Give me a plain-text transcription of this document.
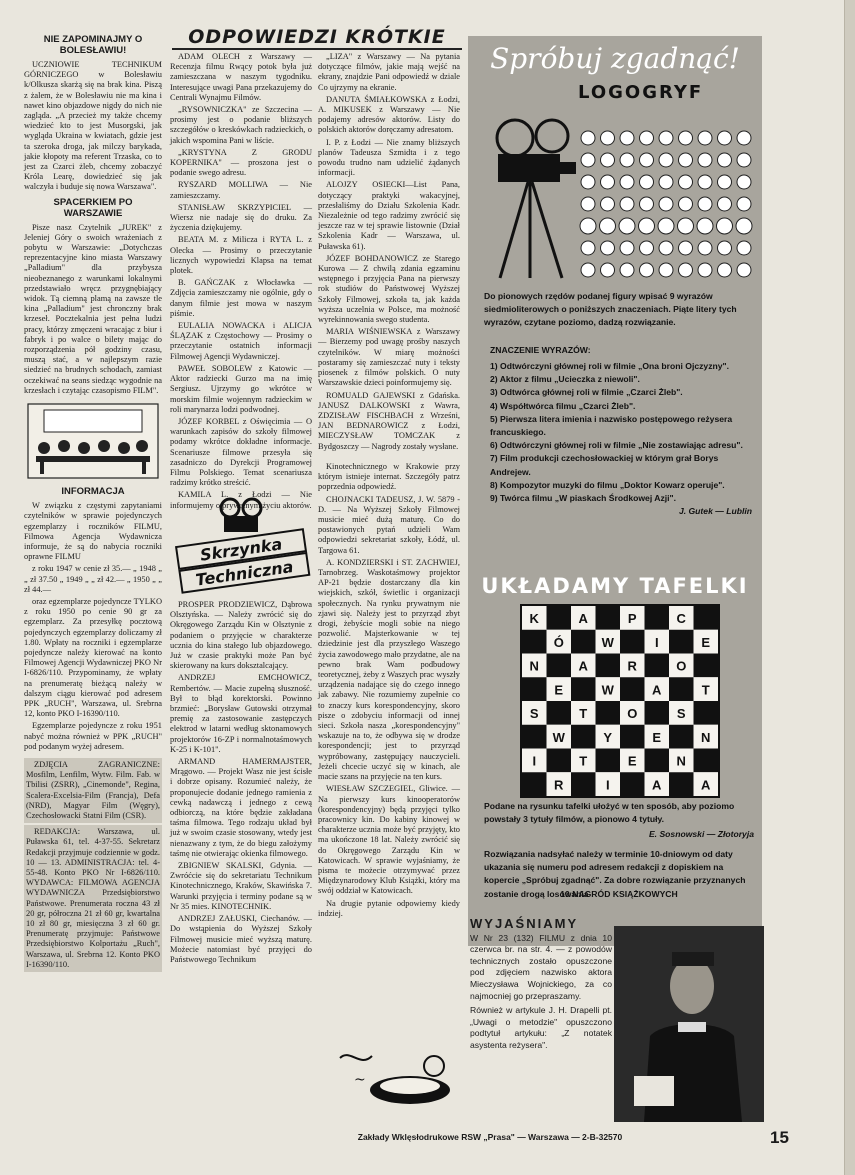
ODPOWIEDZI KRÓTKIE
NIE ZAPOMINAJMY O BOLESŁAWIU!

UCZNIOWIE TECHNIKUM GÓRNICZEGO w Bolesławiu k/Olkusza skarżą się na brak kina. Piszą z żalem, że w Bolesławiu nie ma kina i nawet kino objazdowe nigdy do nich nie zagląda. „A przecież my także chcemy wiedzieć kto to jest Musorgski, jak wygląda Ukraina w kwiatach, gdzie jest ta szeroka droga, jak milczy barykada, jakie kłopoty ma referent Trzaska, co to jest za Czarci żleb, chcemy zobaczyć Króla Learę, dowiedzieć się jak walczyła i buduje się nowa Warszawa".

SPACERKIEM PO WARSZAWIE

Pisze nasz Czytelnik „JUREK" z Jeleniej Góry o swoich wrażeniach z pobytu w Warszawie: „Dotychczas reprezentacyjne kino miasta Warszawy „Palladium" dla przybysza nieobeznanego z warunkami lokalnymi przedstawiało wręcz przygnębiający widok. Tą ciemną plamą na zawsze tle kina „Palladium" jest chronczny brak krzeseł. Pocztekalnia jest pełna ludzi pracy, którzy zmęczeni wracając z biur i fabryk i po walce o bilety mając do rozporządzenia pół godziny czasu, muszą stać, a w najlepszym razie siedzieć na brudnych schodach, zamiast oczekiwać na seans siedząc wygodnie na krzesłach i czytając czasopismo FILM".

INFORMACJA

W związku z częstymi zapytaniami czytelników w sprawie pojedynczych egzemplarzy i roczników FILMU, Filmowa Agencja Wydawnicza informuje, że są do nabycia roczniki oprawne FILMU

z roku 1947 w cenie zł 35.— „ 1948 „ „ zł 37.50 „ 1949 „ „ zł 42.— „ 1950 „ „ zł 44.—

oraz egzemplarze pojedyncze TYLKO z roku 1950 po cenie 90 gr za egzemplarz. Za przesyłkę pocztową pojedynczych egzemplarzy doliczamy zł 1.80. Wpłaty na roczniki i egzemplarze pojedyncze należy kierować na konto Filmowej Agencji Wydawniczej PKO Nr I-6826/110. Przypominamy, że wpłaty na prenumeratę bieżącą należy w dalszym ciągu kierować pod adresem PPK „RUCH", Warszawa, ul. Srebrna 12, konto PKO I-16390/110.

Egzemplarze pojedyncze z roku 1951 nabyć można również w PPK „RUCH" pod podanym wyżej adresem.

ZDJĘCIA ZAGRANICZNE: Mosfilm, Lenfilm, Wytw. Film. Fab. w Tbilisi (ZSRR), „Cinemonde", Regina, Scalera-Excelsia-Film (Francja), Defa (NRD), Magyar Film (Węgry), Czechosłowacki Statni Film (CSR).

REDAKCJA: Warszawa, ul. Puławska 61, tel. 4-37-55. Sekretarz Redakcji przyjmuje codziennie w godz. 10 — 13. ADMINISTRACJA: tel. 4-55-48. Konto PKO Nr I-6826/110. WYDAWCA: FILMOWA AGENCJA WYDAWNICZA Przedsiębiorstwo Państwowe. Prenumerata roczna 43 zł 20 gr, półroczna 21 zł 60 gr, kwartalna 10 zł 80 gr, miesięczna 3 zł 60 gr. Prenumeratę przyjmuje: Państwowe Przedsiębiorstwo Kolportażu „Ruch", Warszawa, ul. Srebrna 12. Konto PKO I-16390/110.

ADAM OLECH z Warszawy — Recenzja filmu Rwący potok była już zamieszczana w naszym tygodniku. Interesujące uwagi Pana przekazujemy do Centrali Wynajmu Filmów.

„RYSOWNICZKA" ze Szczecina — prosimy jest o podanie bliższych szczegółów o kreskówkach radzieckich, o jakich wspomina Pani w liście.

„KRYSTYNA Z GRODU KOPERNIKA" — proszona jest o podanie swego adresu.

RYSZARD MOLLIWA — Nie zamieszczamy.

STANISŁAW SKRZYPICIEL — Wiersz nie nadaje się do druku. Za życzenia dziękujemy.

BEATA M. z Milicza i RYTA L. z Olecka — Prosimy o przeczytanie licznych wypowiedzi Klapsa na temat plotek.

B. GAŃCZAK z Włocławka — Zdjęcia zamieszczamy nie ogólnie, gdy o danym filmie jest mowa w naszym piśmie.

EULALIA NOWACKA i ALICJA ŚLĄZAK z Częstochowy — Prosimy o przeczytanie ostatnich informacji Filmowej Agencji Wydawniczej.

PAWEŁ SOBOLEW z Katowic — Aktor radziecki Gurzo ma na imię Sergiusz. Ujrzymy go wkrótce w morskim filmie wojennym radzieckim w roli marynarza lodzi podwodnej.

JÓZEF KORBEL z Oświęcimia — O warunkach zapisów do szkoły filmowej podamy wkrótce dokładne informacje. Scenariusze filmowe przesyła się zasadniczo do Dyrekcji Programowej Filmu Polskiego. Temat scenariusza radzimy krótko streścić.

KAMILA L. z Łodzi — Nie informujemy o prywatnym życiu aktorów.

„LIZA" z Warszawy — Na pytania dotyczące filmów, jakie mają wejść na ekrany, znajdzie Pani odpowiedź w dziale Co ujrzymy na ekranie.

DANUTA ŚMIAŁKOWSKA z Łodzi, A. MIKUSEK z Warszawy — Nie podajemy adresów aktorów. Listy do polskich aktorów doręczamy adresatom.

I. P. z Łodzi — Nie znamy bliższych planów Tadeusza Szmidta i z tego powodu trudno nam udzielić żądanych informacji.

ALOJZY OSIECKI—List Pana, dotyczący praktyki wakacyjnej, przesłaliśmy do Działu Szkolenia Kadr. Niezależnie od tego radzimy zwrócić się jeszcze raz w tej sprawie listownie (Dział Szkolenia Kadr — Warszawa, ul. Puławska 61).

JÓZEF BOHDANOWICZ ze Starego Kurowa — Z chwilą zdania egzaminu wstępnego i przyjęcia Pana na pierwszy rok studiów do Państwowej Wyższej Szkoły Filmowej, szkoła ta, jak każda wyższa uczelnia w Polsce, ma możność wyrekinnowania swego studenta.

MARIA WIŚNIEWSKA z Warszawy — Bierzemy pod uwagę prośby naszych czytelników. W miarę możności postaramy się zamieszczać nuty i teksty piosenek z filmów polskich. O nuty Warszawskie dzieci poinformujemy się.

ROMUALD GAJEWSKI z Gdańska. JANUSZ DALKOWSKI z Wawra, ZDZISŁAW FISCHBACH z Wrześni, JAN BEDNAROWICZ z Łodzi, MIECZYSŁAW TOMCZAK z Bydgoszczy — Nagrody zostały wysłane.

Skrzynka
Techniczna

PROSPER PRODZIEWICZ, Dąbrowa Olsztyńska. — Należy zwrócić się do Okręgowego Zarządu Kin w Olsztynie z podaniem o przyjęcie w charakterze ucznia do kina stałego lub objazdowego. Już w czasie praktyki może Pan być skierowany na kurs doksztalcający.

ANDRZEJ EMCHOWICZ, Rembertów. — Macie zupełną słuszność. Był to błąd korektorski. Powinno brzmieć: „Borysław Gutowski otrzymał premię za zastosowanie zastępczych elektrod w latarni według sktonamowych projektorów 16-ZP i normalnotaśmowych K-25 i K-101".

ARMAND HAMERMAJSTER, Mrągowo. — Projekt Wasz nie jest ścisłe i dobrze opisany. Rozumieć należy, że proponujecie dodanie jednego ramienia z cewką nadawczą i jednego z cewą odbiorczą, na które będzie zakładana taśma filmowa. Tego rodzaju układ był już w swoim czasie stosowany, wtedy jest nienazwany z tym, że do biegu założymy taśmę nie otwierając okienka filmowego.

ZBIGNIEW SKALSKI, Gdynia. — Zwróćcie się do sekretariatu Technikum Kinotechnicznego, Kraków, Skawińska 7. Warunki przyjęcia i terminy podane są w Nr 35 mies. KINOTECHNIK.

ANDRZEJ ZAŁUSKI, Ciechanów. — Do wstąpienia do Wyższej Szkoły Filmowej musicie mieć wyższą maturę. Możecie natomiast być przyjęci do Państwowego Technikum

Kinotechnicznego w Krakowie przy którym istnieje internat. Szczegóły patrz poprzednia odpowiedź.

CHOJNACKI TADEUSZ, J. W. 5879 - D. — Na Wyższej Szkoły Filmowej musicie mieć dużą maturę. Co do postawionych pytań udzieli Wam odpowiedzi sekretariat szkoły, Łódź, ul. Targowa 61.

A. KONDZIERSKI i ST. ZACHWIEJ, Tarnobrzeg. Waskotaśmowy projektor AP-21 będzie dostarczany dla kin wiejskich, szkół, świetlic i organizacji społecznych. Na rynku prywatnym nie zjawi się. Należy jest to przyrząd zbyt drogi, żebyście mogli sobie na niego pozwolić. Majsterkowanie w tej dziedzinie jest dla przyszłego Waszego życia zawodowego mało przydatne, ale na pewno brak Wam podbudowy teoretycznej, żeby z Waszych prac wyszły urządzenia nadające się do czego innego jak zabawy. Nie rozumiemy zupełnie co to znaczy kurs korespondencyjny, skoro pisze o zdobyciu informacji od innej sieci. Szkoła nasza „korespondencyjny" wskazuje na to, że odbywa się w drodze korespondencji; jest to przyrząd wypróbowany, zastępujący nauczycieli. Jeżeli chcecie uczyć się w kinach, ale macie szans na przyjęcie na ten kurs.

WIESŁAW SZCZEGIEL, Gliwice. — Na pierwszy kurs kinooperatorów (korespondencyjny) będą przyjęci tylko pracownicy kin. Do kabiny kinowej w charakterze ucznia może być przyjęty, kto ma ukończone 18 lat. Należy zwrócić się do Okręgowego Zarządu Kin w Katowicach. W sprawie wyjaśniamy, że pisma te możecie otrzymywać przez Międzynarodowy Klub Książki, który ma swój oddział w Katowicach.

Na drugie pytanie odpowiemy kiedy indziej.

~
Spróbuj zgadnąć!
LOGOGRYF
Do pionowych rzędów podanej figury wpisać 9 wyrazów siedmioliterowych o poniższych znaczeniach. Piąte litery tych wyrazów, czytane poziomo, dadzą rozwiązanie.
ZNACZENIE WYRAZÓW:
1) Odtwórczyni głównej roli w filmie „Ona broni Ojczyzny".
2) Aktor z filmu „Ucieczka z niewoli".
3) Odtwórca głównej roli w filmie „Czarci Żleb".
4) Współtwórca filmu „Czarci Żleb".
5) Pierwsza litera imienia i nazwisko postępowego reżysera francuskiego.
6) Odtwórczyni głównej roli w filmie „Nie zostawiając adresu".
7) Film produkcji czechosłowackiej w którym grał Borys Andrejew.
8) Kompozytor muzyki do filmu „Doktor Kowarz operuje".
9) Twórca filmu „W piaskach Środkowej Azji".
J. Gutek — Lublin
UKŁADAMY TAFELKI
K	A	P	C
Ó	W	I	E
N	A	R	O
E	W	A	T
S	T	O	S
W	Y	E	N
I	T	E	N
R	I	A	A
Podane na rysunku tafelki ułożyć w ten sposób, aby poziomo powstały 3 tytuły filmów, a pionowo 4 tytuły.
E. Sosnowski — Złotoryja
Rozwiązania nadsyłać należy w terminie 10-dniowym od daty ukazania się numeru pod adresem redakcji z dopiskiem na kopercie „Spróbuj zgadnąć". Za dobre rozwiązanie przyznanych zostanie drogą losowania
10 NAGRÓD KSIĄŻKOWYCH
WYJAŚNIAMY

W Nr 23 (132) FILMU z dnia 10 czerwca br. na str. 4. — z powodów technicznych zostało opuszczone pod zdjęciem nazwisko aktora Mieczysława Wojnickiego, za co najmocniej go przepraszamy.

Również w artykule J. H. Drapelli pt. „Uwagi o metodzie" opuszczono podtytuł artykułu: „Z notatek asystenta reżysera".

Zakłady Wklęsłodrukowe RSW „Prasa" — Warszawa — 2-B-32570	15
